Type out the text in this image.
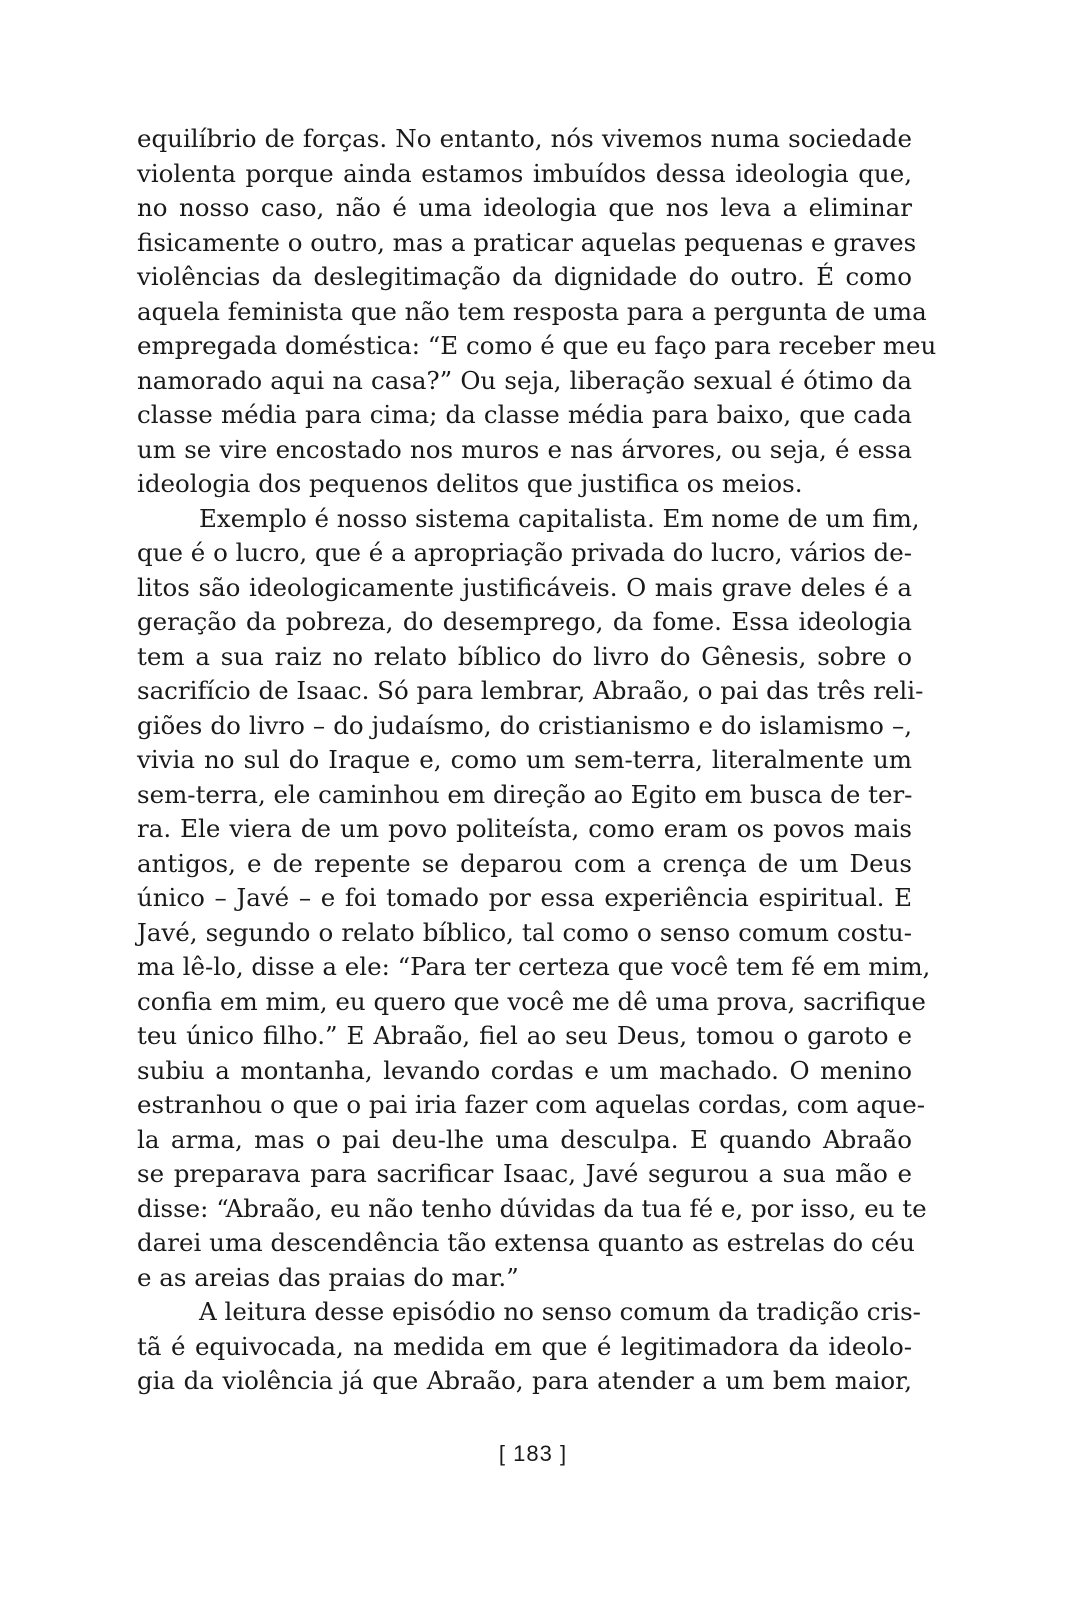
equilíbrio de forças. No entanto, nós vivemos numa sociedade
violenta porque ainda estamos imbuídos dessa ideologia que,
no nosso caso, não é uma ideologia que nos leva a eliminar
fisicamente o outro, mas a praticar aquelas pequenas e graves
violências da deslegitimação da dignidade do outro. É como
aquela feminista que não tem resposta para a pergunta de uma
empregada doméstica: “E como é que eu faço para receber meu
namorado aqui na casa?” Ou seja, liberação sexual é ótimo da
classe média para cima; da classe média para baixo, que cada
um se vire encostado nos muros e nas árvores, ou seja, é essa
ideologia dos pequenos delitos que justifica os meios.
Exemplo é nosso sistema capitalista. Em nome de um fim,
que é o lucro, que é a apropriação privada do lucro, vários de-
litos são ideologicamente justificáveis. O mais grave deles é a
geração da pobreza, do desemprego, da fome. Essa ideologia
tem a sua raiz no relato bíblico do livro do Gênesis, sobre o
sacrifício de Isaac. Só para lembrar, Abraão, o pai das três reli-
giões do livro – do judaísmo, do cristianismo e do islamismo –,
vivia no sul do Iraque e, como um sem-terra, literalmente um
sem-terra, ele caminhou em direção ao Egito em busca de ter-
ra. Ele viera de um povo politeísta, como eram os povos mais
antigos, e de repente se deparou com a crença de um Deus
único – Javé – e foi tomado por essa experiência espiritual. E
Javé, segundo o relato bíblico, tal como o senso comum costu-
ma lê-lo, disse a ele: “Para ter certeza que você tem fé em mim,
confia em mim, eu quero que você me dê uma prova, sacrifique
teu único filho.” E Abraão, fiel ao seu Deus, tomou o garoto e
subiu a montanha, levando cordas e um machado. O menino
estranhou o que o pai iria fazer com aquelas cordas, com aque-
la arma, mas o pai deu-lhe uma desculpa. E quando Abraão
se preparava para sacrificar Isaac, Javé segurou a sua mão e
disse: “Abraão, eu não tenho dúvidas da tua fé e, por isso, eu te
darei uma descendência tão extensa quanto as estrelas do céu
e as areias das praias do mar.”
A leitura desse episódio no senso comum da tradição cris-
tã é equivocada, na medida em que é legitimadora da ideolo-
gia da violência já que Abraão, para atender a um bem maior,
[ 183 ]
